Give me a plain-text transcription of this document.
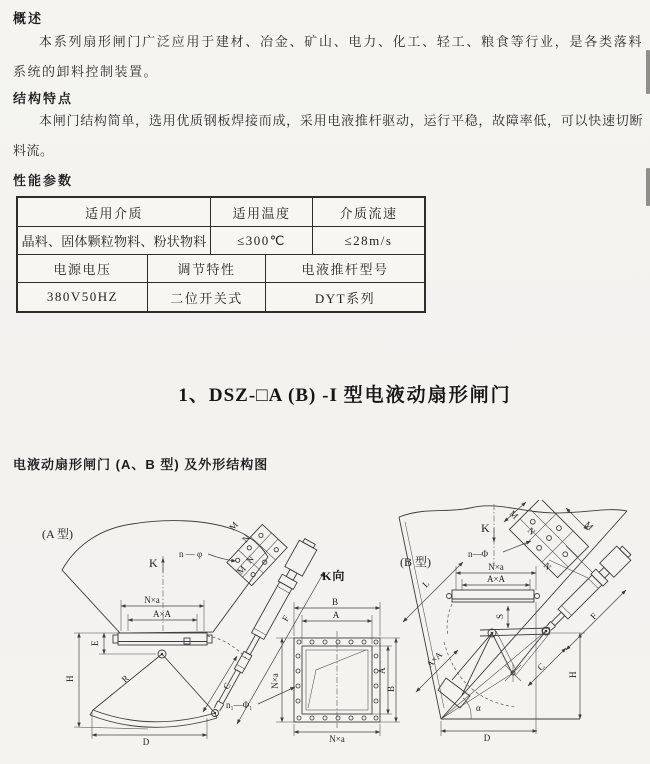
概述
本系列扇形闸门广泛应用于建材、冶金、矿山、电力、化工、轻工、粮食等行业，是各类落料系统的卸料控制装置。
结构特点
本闸门结构简单，选用优质钢板焊接而成，采用电液推杆驱动，运行平稳，故障率低，可以快速切断料流。
性能参数
适用介质	适用温度	介质流速
晶料、固体颗粒物料、粉状物料	≤300℃	≤28m/s
电源电压	调节特性	电液推杆型号
380V50HZ	二位开关式	DYT系列
1、DSZ-□A (B) -I 型电液动扇形闸门
电液动扇形闸门 (A、B 型) 及外形结构图
(A 型)
K
N×a
A×A
R
E
H
D
C
F
M
M
N
N
n — φ
K向
B
A
N×a
N×a
A
B
n₁—Φ₁
(B 型)
K
n—Φ
N×a
A×A
S
L
A×A
M
M
N
N
F
C
H
D
α
